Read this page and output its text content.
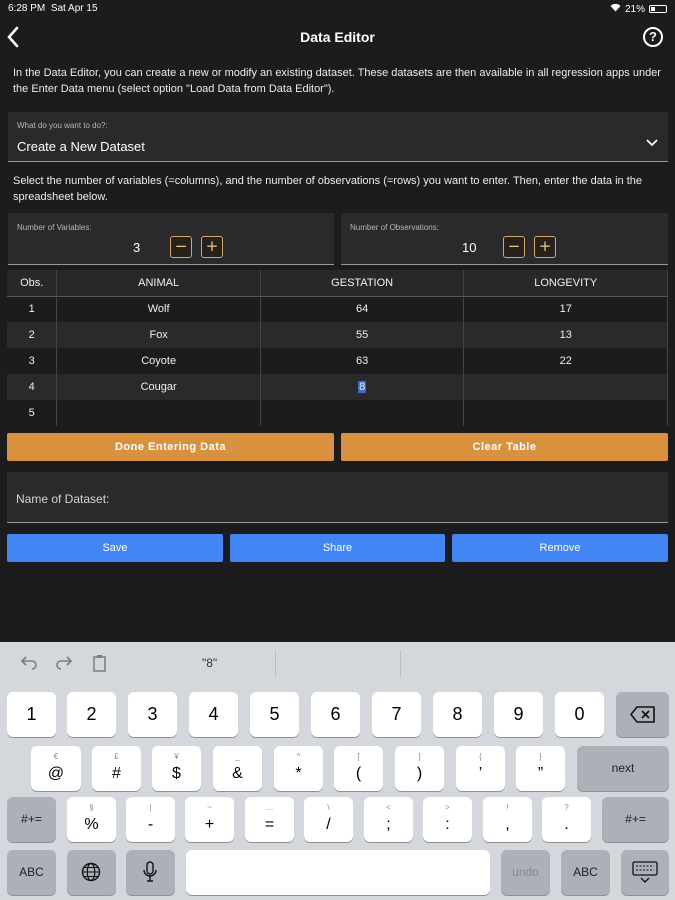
6:28 PM Sat Apr 15	21%
Data Editor	?
In the Data Editor, you can create a new or modify an existing dataset. These datasets are then available in all regression apps under the Enter Data menu (select option "Load Data from Data Editor").
What do you want to do?:
Create a New Dataset
Select the number of variables (=columns), and the number of observations (=rows) you want to enter. Then, enter the data in the spreadsheet below.
Number of Variables:
3	−	+
Number of Observations:
10	−	+
Obs.	ANIMAL	GESTATION	LONGEVITY
1	Wolf	64	17
2	Fox	55	13
3	Coyote	63	22
4	Cougar	8	
5			
Done Entering Data	Clear Table
Name of Dataset:
Save	Share	Remove
"8"
1	2	3	4	5	6	7	8	9	0
€
@
£
#
¥
$
_
&
^
*
[
(
]
)
{
’
}
”	next
#+=
§
%
|
-
~
+
…
=
\
/
<
;
>
:
!
,
?
.	#+=
ABC	undo	ABC
